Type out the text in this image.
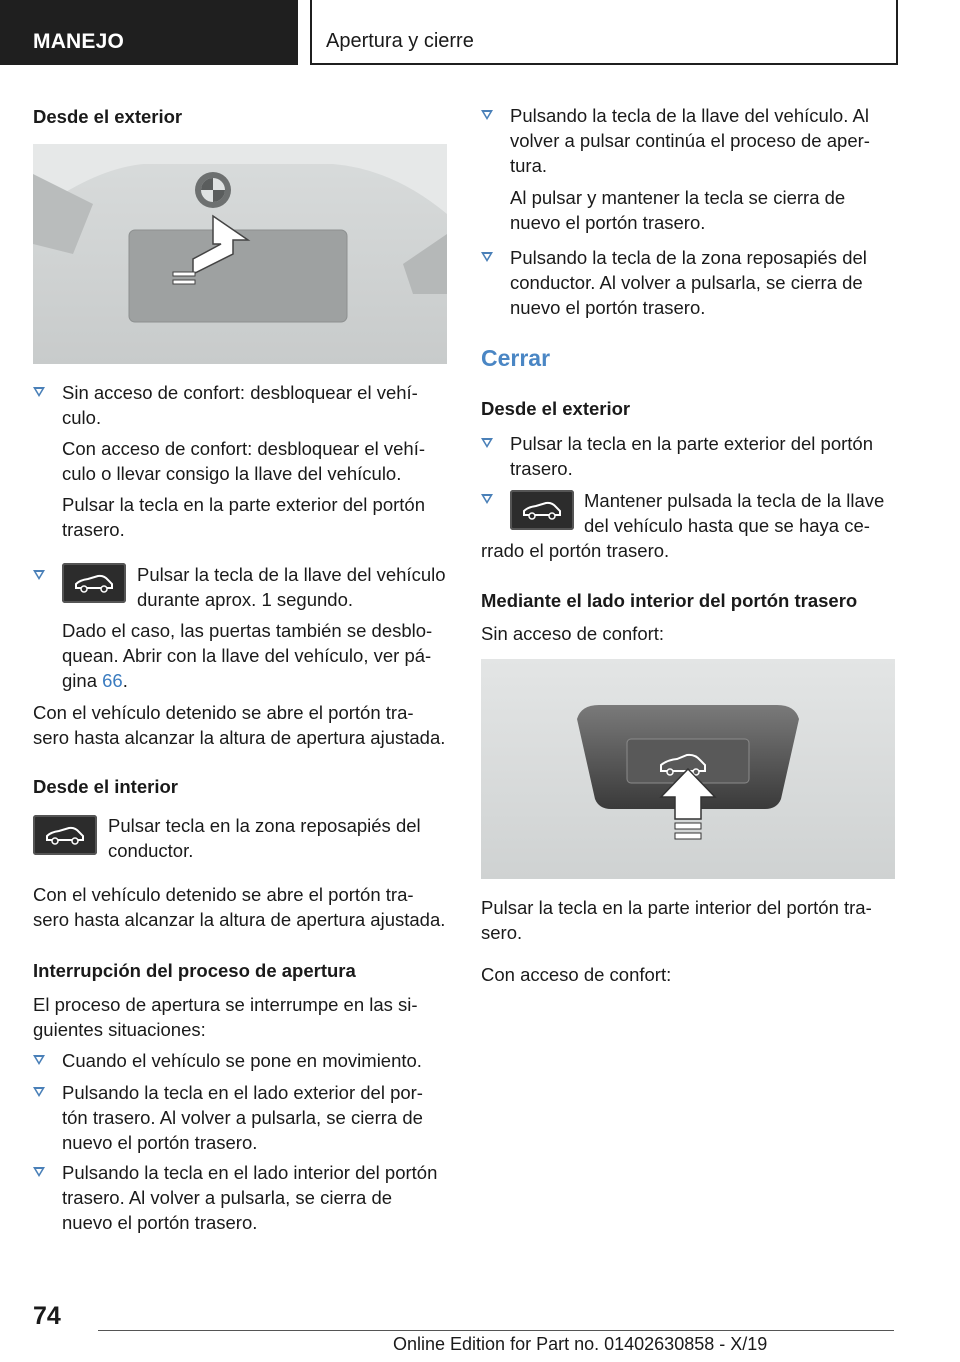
MANEJO	Apertura y cierre
Desde el exterior
Sin acceso de confort: desbloquear el vehí-
culo.
Con acceso de confort: desbloquear el vehí-
culo o llevar consigo la llave del vehículo.
Pulsar la tecla en la parte exterior del portón
trasero.
Pulsar la tecla de la llave del vehículo
durante aprox. 1 segundo.
Dado el caso, las puertas también se desblo-
quean. Abrir con la llave del vehículo, ver pá-
gina 66.
Con el vehículo detenido se abre el portón tra-
sero hasta alcanzar la altura de apertura ajustada.
Desde el interior
Pulsar tecla en la zona reposapiés del
conductor.
Con el vehículo detenido se abre el portón tra-
sero hasta alcanzar la altura de apertura ajustada.
Interrupción del proceso de apertura
El proceso de apertura se interrumpe en las si-
guientes situaciones:
Cuando el vehículo se pone en movimiento.
Pulsando la tecla en el lado exterior del por-
tón trasero. Al volver a pulsarla, se cierra de
nuevo el portón trasero.
Pulsando la tecla en el lado interior del portón
trasero. Al volver a pulsarla, se cierra de
nuevo el portón trasero.
Pulsando la tecla de la llave del vehículo. Al
volver a pulsar continúa el proceso de aper-
tura.
Al pulsar y mantener la tecla se cierra de
nuevo el portón trasero.
Pulsando la tecla de la zona reposapiés del
conductor. Al volver a pulsarla, se cierra de
nuevo el portón trasero.
Cerrar
Desde el exterior
Pulsar la tecla en la parte exterior del portón
trasero.
Mantener pulsada la tecla de la llave
del vehículo hasta que se haya ce-
rrado el portón trasero.
Mediante el lado interior del portón trasero
Sin acceso de confort:
Pulsar la tecla en la parte interior del portón tra-
sero.
Con acceso de confort:
74
Online Edition for Part no. 01402630858 - X/19
